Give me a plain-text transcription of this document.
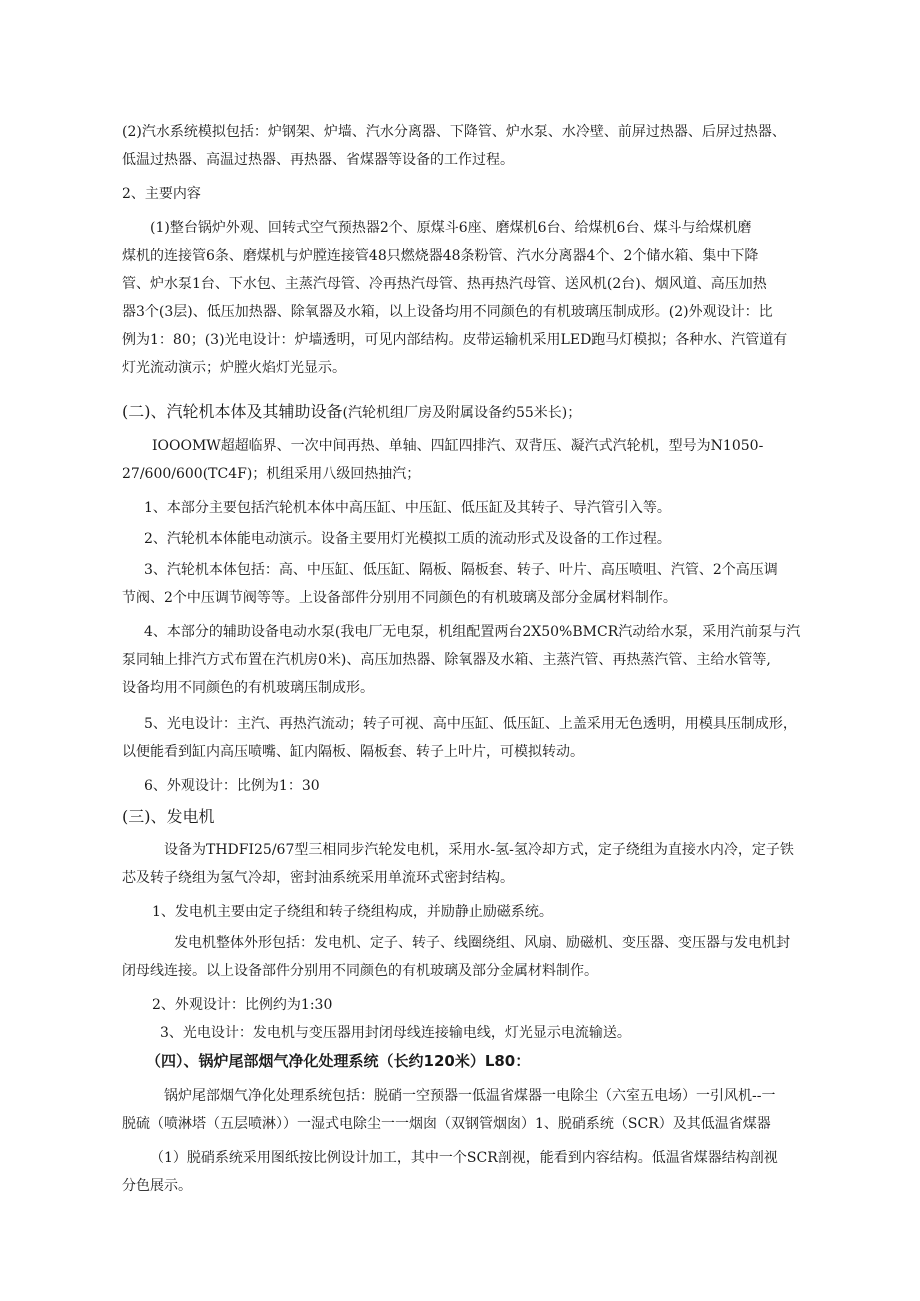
(2)汽水系统模拟包括：炉钢架、炉墙、汽水分离器、下降管、炉水泵、水冷壁、前屏过热器、后屏过热器、
低温过热器、高温过热器、再热器、省煤器等设备的工作过程。

2、主要内容

(1)整台锅炉外观、回转式空气预热器2个、原煤斗6座、磨煤机6台、给煤机6台、煤斗与给煤机磨
煤机的连接管6条、磨煤机与炉膛连接管48只燃烧器48条粉管、汽水分离器4个、2个储水箱、集中下降
管、炉水泵1台、下水包、主蒸汽母管、冷再热汽母管、热再热汽母管、送风机(2台)、烟风道、高压加热
器3个(3层)、低压加热器、除氧器及水箱，以上设备均用不同颜色的有机玻璃压制成形。(2)外观设计：比
例为1：80；(3)光电设计：炉墙透明，可见内部结构。皮带运输机采用LED跑马灯模拟；各种水、汽管道有
灯光流动演示；炉膛火焰灯光显示。

(二)、汽轮机本体及其辅助设备(汽轮机组厂房及附属设备约55米长)；

IOOOMW超超临界、一次中间再热、单轴、四缸四排汽、双背压、凝汽式汽轮机，型号为N1050-
27/600/600(TC4F)；机组采用八级回热抽汽；

1、本部分主要包括汽轮机本体中高压缸、中压缸、低压缸及其转子、导汽管引入等。

2、汽轮机本体能电动演示。设备主要用灯光模拟工质的流动形式及设备的工作过程。

3、汽轮机本体包括：高、中压缸、低压缸、隔板、隔板套、转子、叶片、高压喷咀、汽管、2个高压调
节阀、2个中压调节阀等等。上设备部件分别用不同颜色的有机玻璃及部分金属材料制作。

4、本部分的辅助设备电动水泵(我电厂无电泵，机组配置两台2X50%BMCR汽动给水泵，采用汽前泵与汽
泵同轴上排汽方式布置在汽机房0米)、高压加热器、除氧器及水箱、主蒸汽管、再热蒸汽管、主给水管等,
设备均用不同颜色的有机玻璃压制成形。

5、光电设计：主汽、再热汽流动；转子可视、高中压缸、低压缸、上盖采用无色透明，用模具压制成形，
以便能看到缸内高压喷嘴、缸内隔板、隔板套、转子上叶片，可模拟转动。

6、外观设计：比例为1：30

(三)、发电机

设备为THDFI25/67型三相同步汽轮发电机，采用水-氢-氢冷却方式，定子绕组为直接水内冷，定子铁
芯及转子绕组为氢气冷却，密封油系统采用单流环式密封结构。

1、发电机主要由定子绕组和转子绕组构成，并励静止励磁系统。

发电机整体外形包括：发电机、定子、转子、线圈绕组、风扇、励磁机、变压器、变压器与发电机封
闭母线连接。以上设备部件分别用不同颜色的有机玻璃及部分金属材料制作。

2、外观设计：比例约为1:30

3、光电设计：发电机与变压器用封闭母线连接输电线，灯光显示电流输送。

（四）、锅炉尾部烟气净化处理系统（长约120米）L80：

锅炉尾部烟气净化处理系统包括：脱硝一空预器一低温省煤器一电除尘（六室五电场）一引风机--一
脱硫（喷淋塔（五层喷淋））一湿式电除尘一一烟囱（双钢管烟囱）1、脱硝系统（SCR）及其低温省煤器

（1）脱硝系统采用图纸按比例设计加工，其中一个SCR剖视，能看到内容结构。低温省煤器结构剖视
分色展示。
